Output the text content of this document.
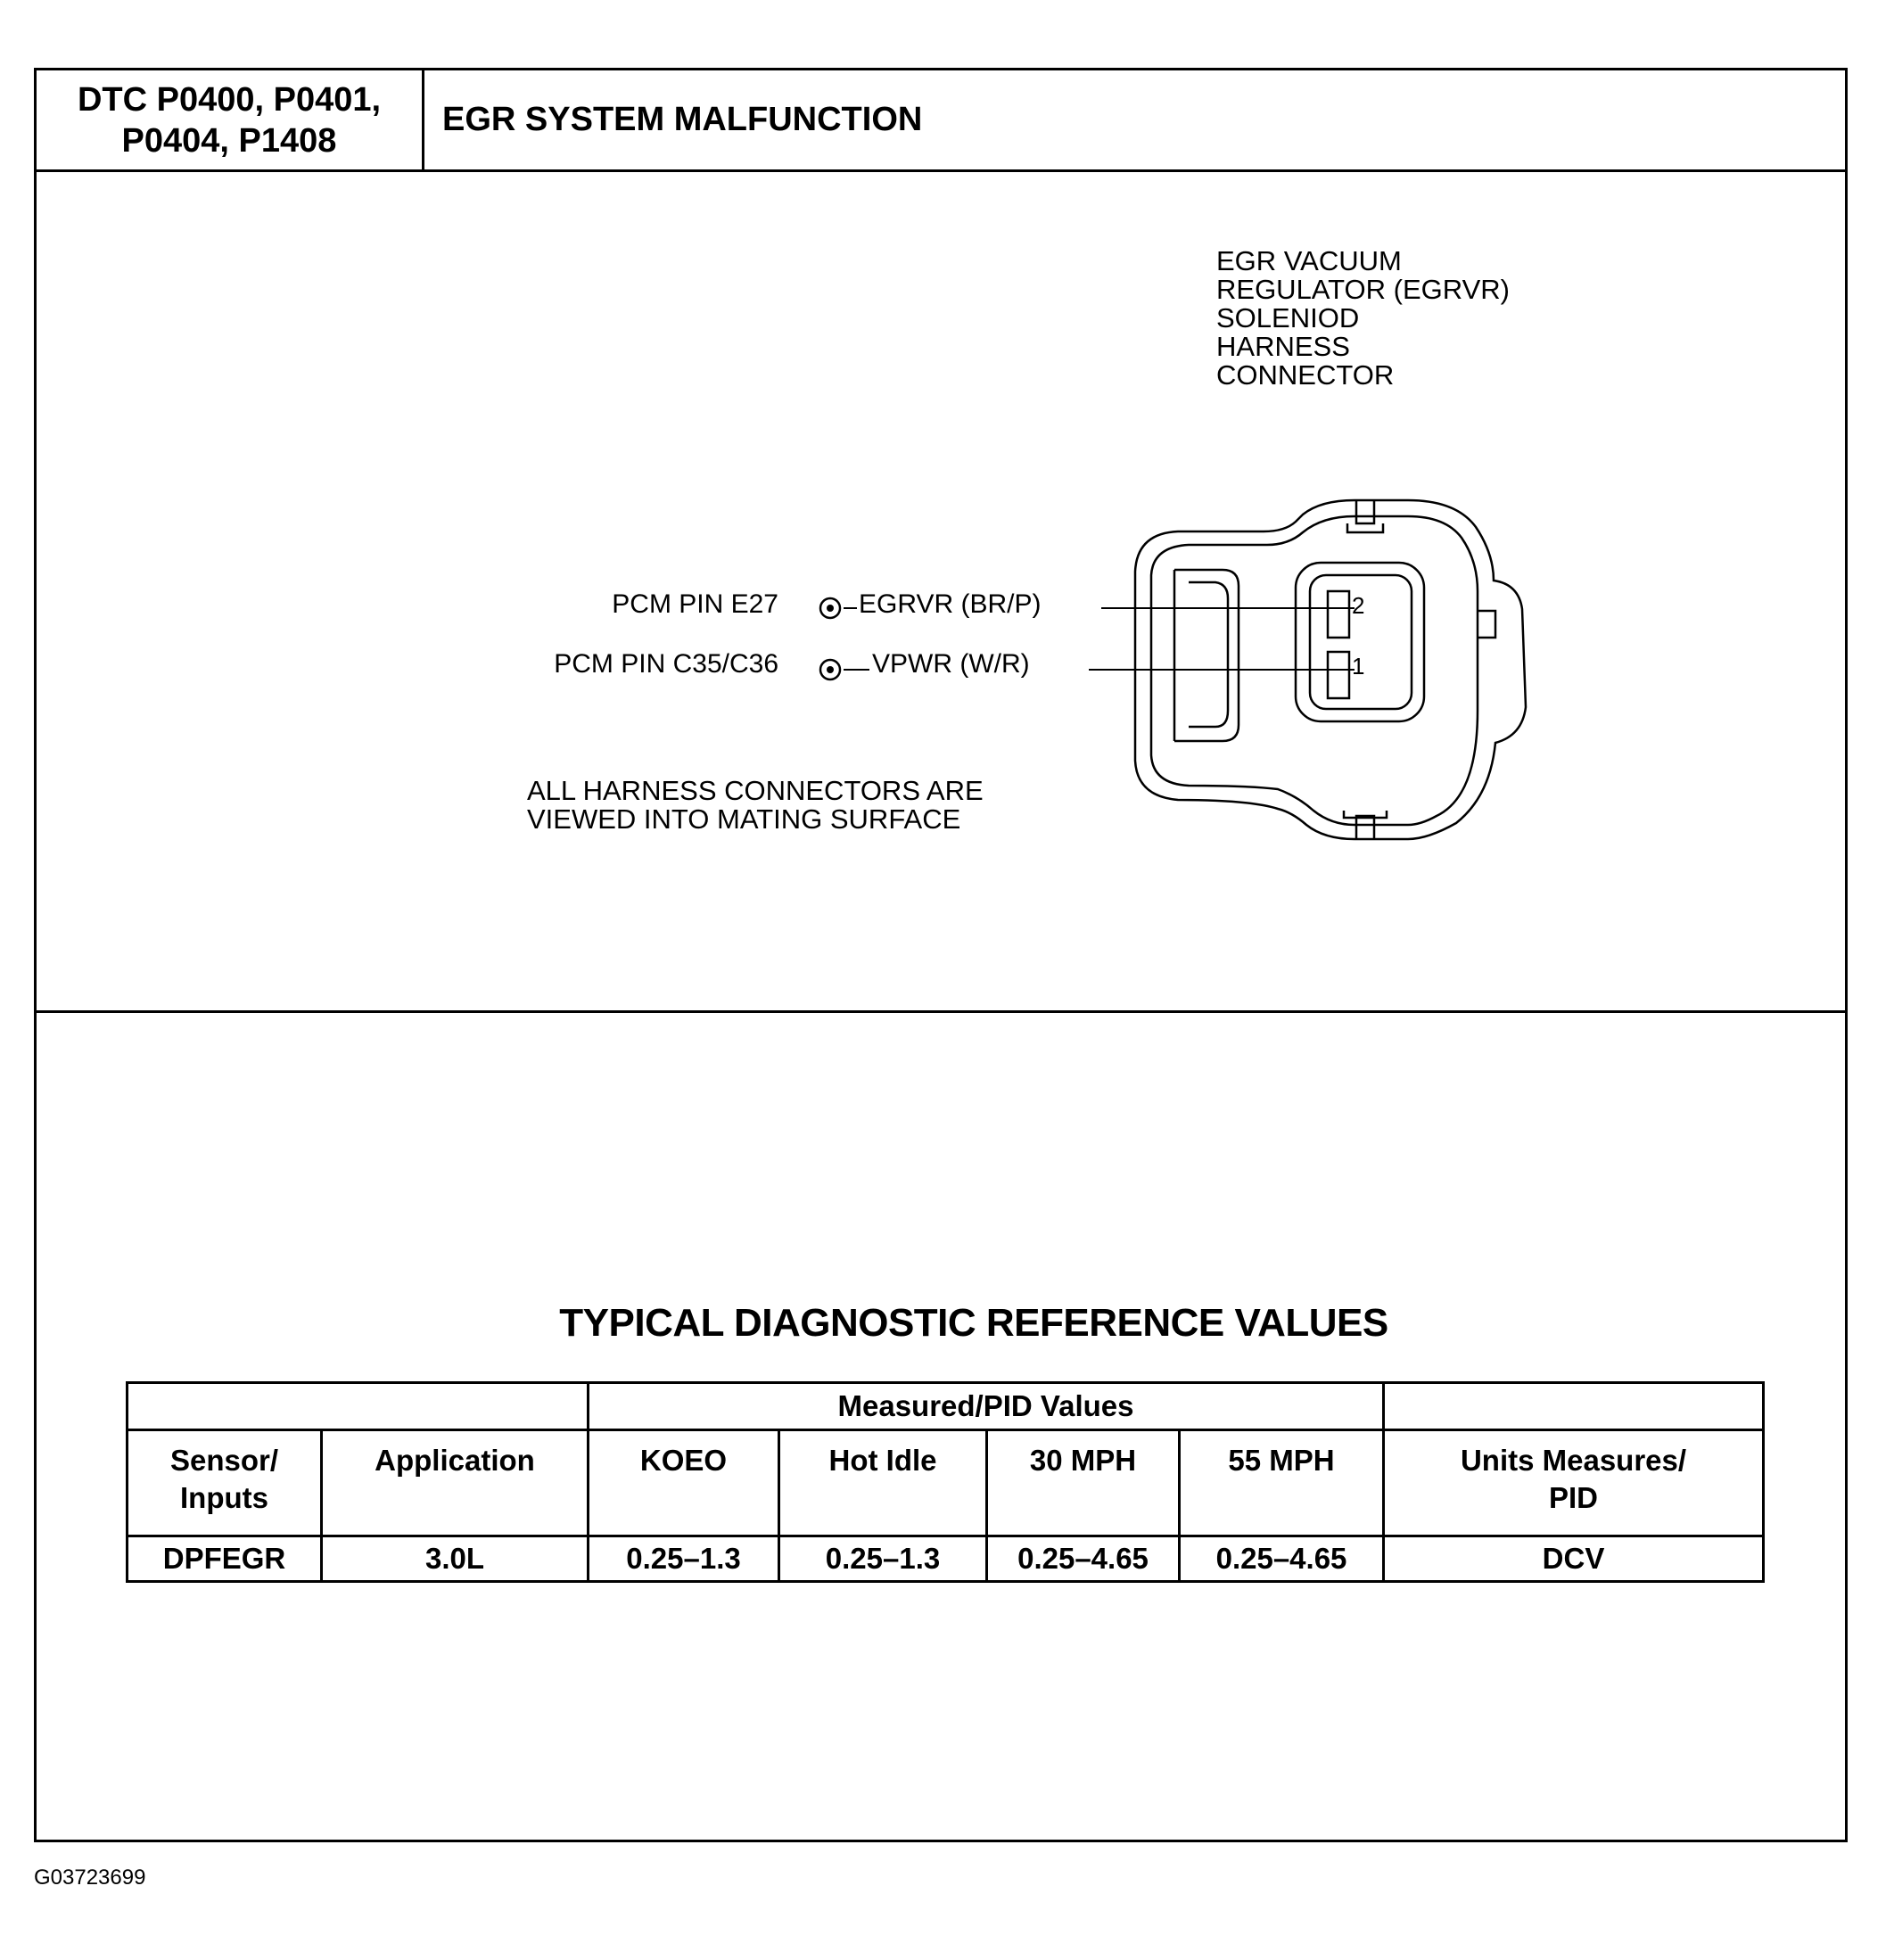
DTC P0400, P0401,
P0404, P1408
EGR SYSTEM MALFUNCTION
EGR VACUUM
REGULATOR (EGRVR)
SOLENIOD
HARNESS
CONNECTOR
PCM PIN E27	EGRVR (BR/P)
PCM PIN C35/C36	VPWR (W/R)
2
1
ALL HARNESS CONNECTORS ARE
VIEWED INTO MATING SURFACE
TYPICAL DIAGNOSTIC REFERENCE VALUES
		Measured/PID Values				
Sensor/
Inputs	Application	KOEO	Hot Idle	30 MPH	55 MPH	Units Measures/
PID
DPFEGR	3.0L	0.25–1.3	0.25–1.3	0.25–4.65	0.25–4.65	DCV
G03723699
